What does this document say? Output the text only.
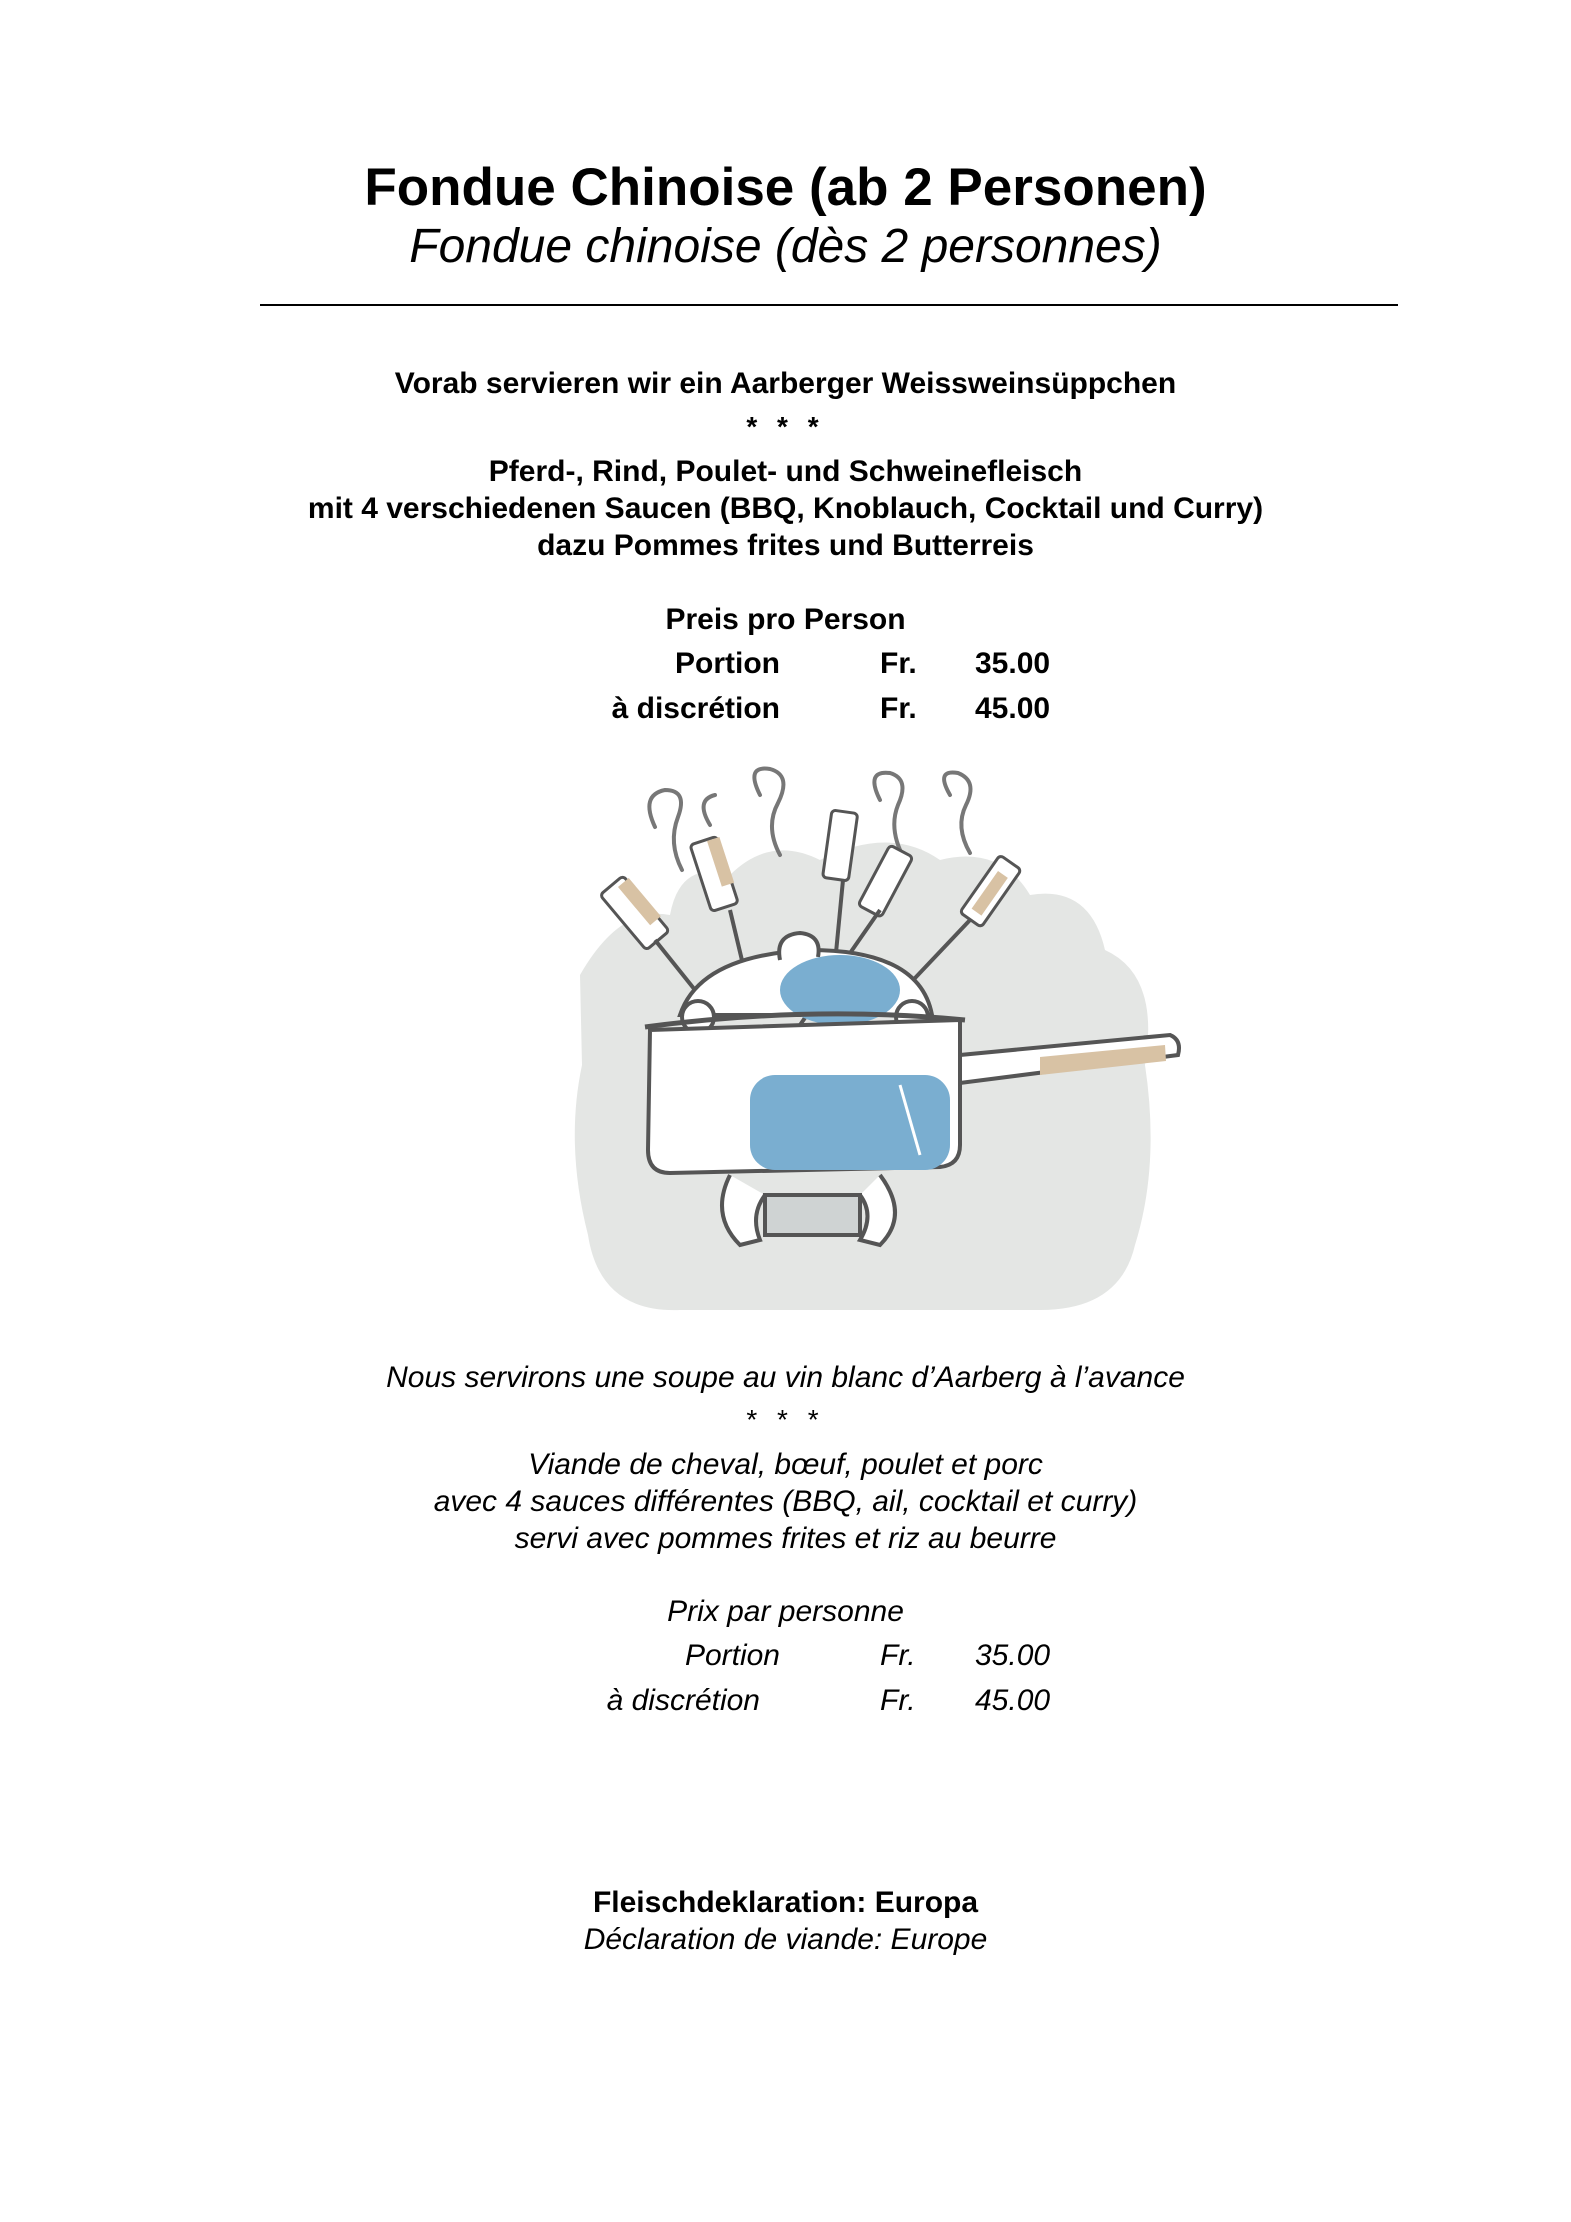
Fondue Chinoise (ab 2 Personen)
Fondue chinoise (dès 2 personnes)
Vorab servieren wir ein Aarberger Weissweinsüppchen
* * *
Pferd-, Rind, Poulet- und Schweinefleisch
mit 4 verschiedenen Saucen (BBQ, Knoblauch, Cocktail und Curry)
dazu Pommes frites und Butterreis
Preis pro Person
Portion	Fr. 35.00
à discrétion	Fr. 45.00
Nous servirons une soupe au vin blanc d’Aarberg à l’avance
* * *
Viande de cheval, bœuf, poulet et porc
avec 4 sauces différentes (BBQ, ail, cocktail et curry)
servi avec pommes frites et riz au beurre
Prix par personne
Portion	Fr. 35.00
à discrétion	Fr. 45.00
Fleischdeklaration: Europa
Déclaration de viande: Europe
